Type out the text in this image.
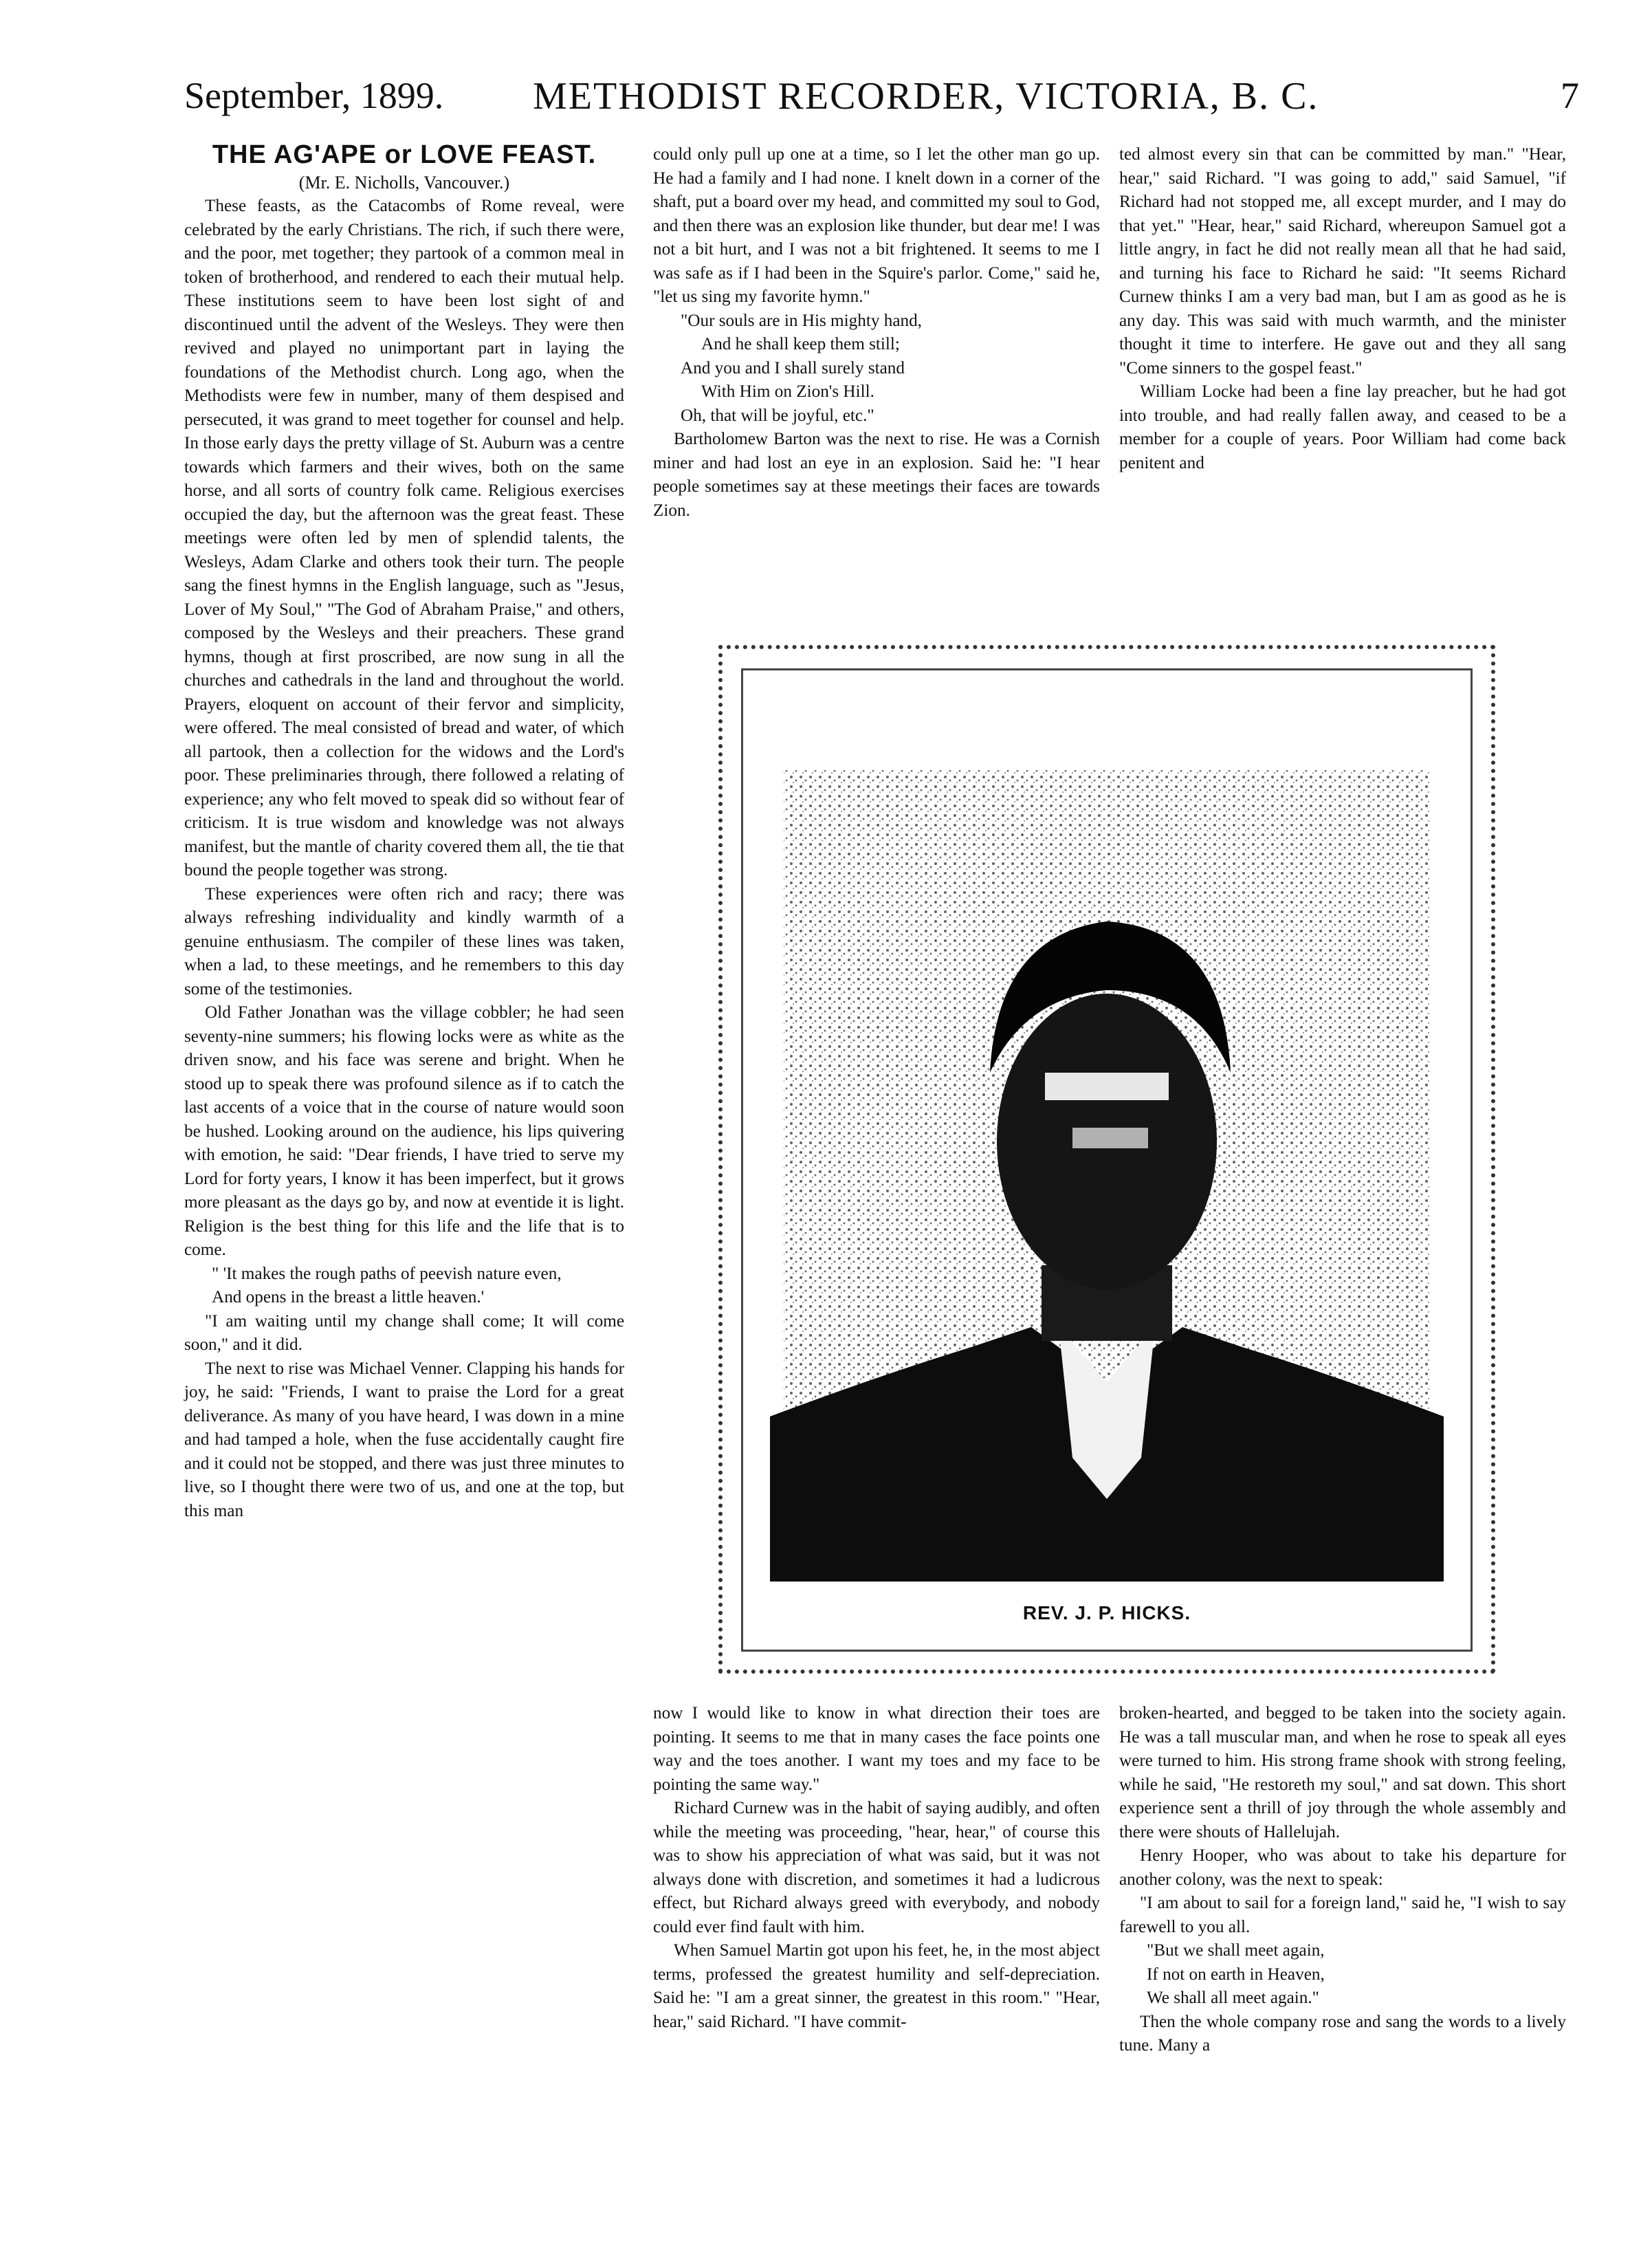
September, 1899. METHODIST RECORDER, VICTORIA, B. C.	7
THE AG'APE or LOVE FEAST.

(Mr. E. Nicholls, Vancouver.)

These feasts, as the Catacombs of Rome reveal, were celebrated by the early Christians. The rich, if such there were, and the poor, met together; they partook of a common meal in token of brotherhood, and rendered to each their mutual help. These institutions seem to have been lost sight of and discontinued until the advent of the Wesleys. They were then revived and played no unimportant part in laying the foundations of the Methodist church. Long ago, when the Methodists were few in number, many of them despised and persecuted, it was grand to meet together for counsel and help. In those early days the pretty village of St. Auburn was a centre towards which farmers and their wives, both on the same horse, and all sorts of country folk came. Religious exercises occupied the day, but the afternoon was the great feast. These meetings were often led by men of splendid talents, the Wesleys, Adam Clarke and others took their turn. The people sang the finest hymns in the English language, such as "Jesus, Lover of My Soul," "The God of Abraham Praise," and others, composed by the Wesleys and their preachers. These grand hymns, though at first proscribed, are now sung in all the churches and cathedrals in the land and throughout the world. Prayers, eloquent on account of their fervor and simplicity, were offered. The meal consisted of bread and water, of which all partook, then a collection for the widows and the Lord's poor. These preliminaries through, there followed a relating of experience; any who felt moved to speak did so without fear of criticism. It is true wisdom and knowledge was not always manifest, but the mantle of charity covered them all, the tie that bound the people together was strong.

These experiences were often rich and racy; there was always refreshing individuality and kindly warmth of a genuine enthusiasm. The compiler of these lines was taken, when a lad, to these meetings, and he remembers to this day some of the testimonies.

Old Father Jonathan was the village cobbler; he had seen seventy-nine summers; his flowing locks were as white as the driven snow, and his face was serene and bright. When he stood up to speak there was profound silence as if to catch the last accents of a voice that in the course of nature would soon be hushed. Looking around on the audience, his lips quivering with emotion, he said: "Dear friends, I have tried to serve my Lord for forty years, I know it has been imperfect, but it grows more pleasant as the days go by, and now at eventide it is light. Religion is the best thing for this life and the life that is to come.

" 'It makes the rough paths of peevish nature even,

And opens in the breast a little heaven.'

"I am waiting until my change shall come; It will come soon," and it did.

The next to rise was Michael Venner. Clapping his hands for joy, he said: "Friends, I want to praise the Lord for a great deliverance. As many of you have heard, I was down in a mine and had tamped a hole, when the fuse accidentally caught fire and it could not be stopped, and there was just three minutes to live, so I thought there were two of us, and one at the top, but this man

could only pull up one at a time, so I let the other man go up. He had a family and I had none. I knelt down in a corner of the shaft, put a board over my head, and committed my soul to God, and then there was an explosion like thunder, but dear me! I was not a bit hurt, and I was not a bit frightened. It seems to me I was safe as if I had been in the Squire's parlor. Come," said he, "let us sing my favorite hymn."

"Our souls are in His mighty hand,

And he shall keep them still;

And you and I shall surely stand

With Him on Zion's Hill.

Oh, that will be joyful, etc."

Bartholomew Barton was the next to rise. He was a Cornish miner and had lost an eye in an explosion. Said he: "I hear people sometimes say at these meetings their faces are towards Zion.

ted almost every sin that can be committed by man." "Hear, hear," said Richard. "I was going to add," said Samuel, "if Richard had not stopped me, all except murder, and I may do that yet." "Hear, hear," said Richard, whereupon Samuel got a little angry, in fact he did not really mean all that he had said, and turning his face to Richard he said: "It seems Richard Curnew thinks I am a very bad man, but I am as good as he is any day. This was said with much warmth, and the minister thought it time to interfere. He gave out and they all sang "Come sinners to the gospel feast."

William Locke had been a fine lay preacher, but he had got into trouble, and had really fallen away, and ceased to be a member for a couple of years. Poor William had come back penitent and

REV. J. P. HICKS.

now I would like to know in what direction their toes are pointing. It seems to me that in many cases the face points one way and the toes another. I want my toes and my face to be pointing the same way."

Richard Curnew was in the habit of saying audibly, and often while the meeting was proceeding, "hear, hear," of course this was to show his appreciation of what was said, but it was not always done with discretion, and sometimes it had a ludicrous effect, but Richard always greed with everybody, and nobody could ever find fault with him.

When Samuel Martin got upon his feet, he, in the most abject terms, professed the greatest humility and self-depreciation. Said he: "I am a great sinner, the greatest in this room." "Hear, hear," said Richard. "I have commit-

broken-hearted, and begged to be taken into the society again. He was a tall muscular man, and when he rose to speak all eyes were turned to him. His strong frame shook with strong feeling, while he said, "He restoreth my soul," and sat down. This short experience sent a thrill of joy through the whole assembly and there were shouts of Hallelujah.

Henry Hooper, who was about to take his departure for another colony, was the next to speak:

"I am about to sail for a foreign land," said he, "I wish to say farewell to you all.

"But we shall meet again,

If not on earth in Heaven,

We shall all meet again."

Then the whole company rose and sang the words to a lively tune. Many a
